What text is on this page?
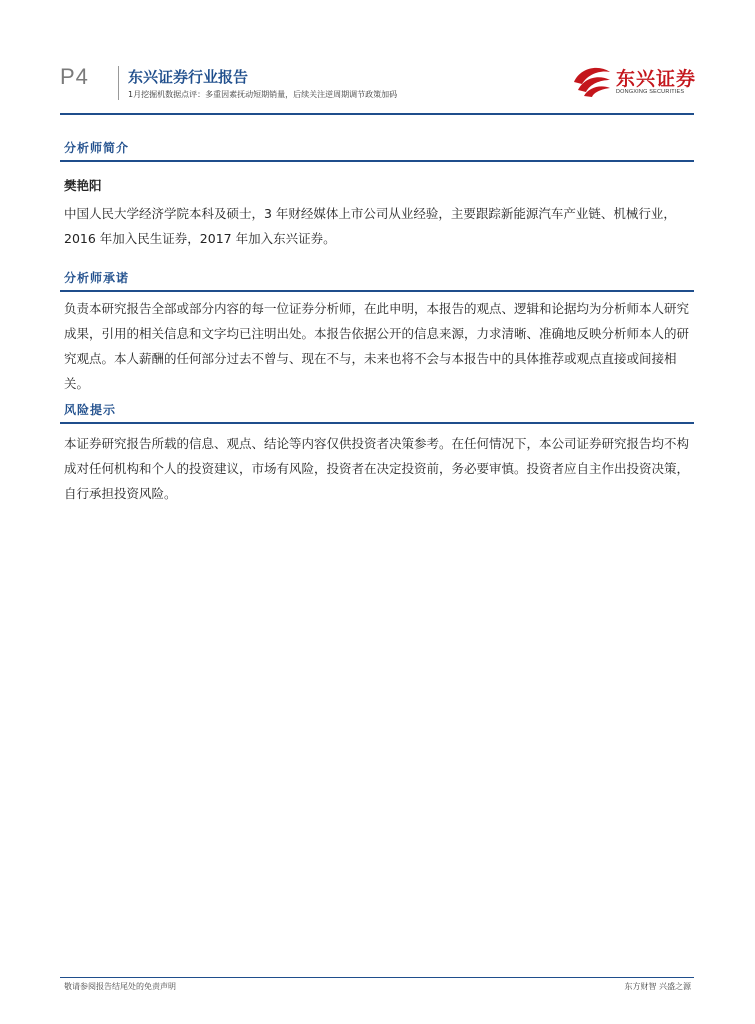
P4	东兴证券行业报告
1月挖掘机数据点评：多重因素抚动短期销量，后续关注逆周期调节政策加码
东兴证券
DONGXING SECURITIES
分析师简介
樊艳阳
中国人民大学经济学院本科及硕士，3 年财经媒体上市公司从业经验，主要跟踪新能源汽车产业链、机械行业，2016 年加入民生证券，2017 年加入东兴证券。
分析师承诺
负责本研究报告全部或部分内容的每一位证券分析师，在此申明，本报告的观点、逻辑和论据均为分析师本人研究成果，引用的相关信息和文字均已注明出处。本报告依据公开的信息来源，力求清晰、准确地反映分析师本人的研究观点。本人薪酬的任何部分过去不曾与、现在不与，未来也将不会与本报告中的具体推荐或观点直接或间接相关。
风险提示
本证券研究报告所载的信息、观点、结论等内容仅供投资者决策参考。在任何情况下，本公司证券研究报告均不构成对任何机构和个人的投资建议，市场有风险，投资者在决定投资前，务必要审慎。投资者应自主作出投资决策，自行承担投资风险。
敬请参阅报告结尾处的免责声明	东方财智 兴盛之源
